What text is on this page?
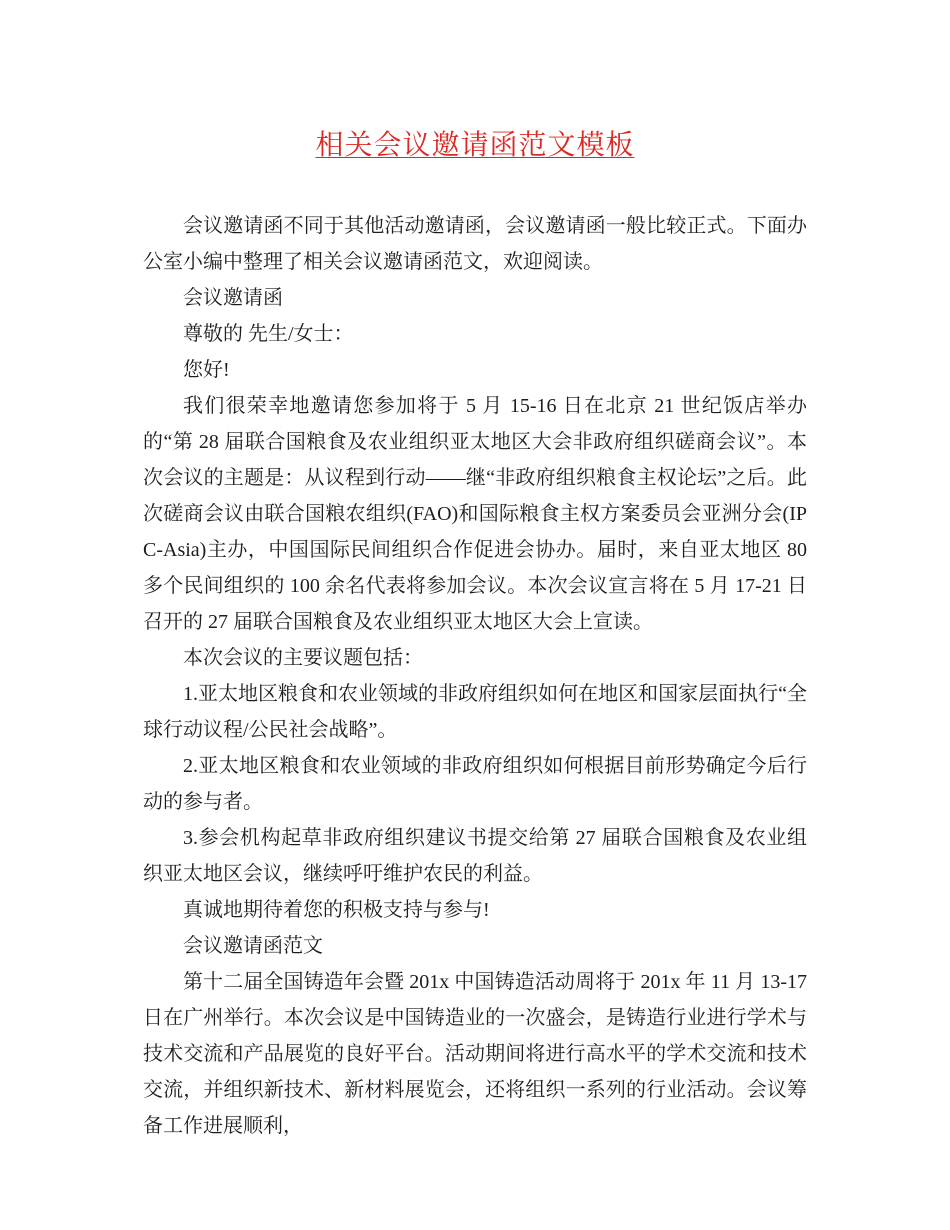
相关会议邀请函范文模板

会议邀请函不同于其他活动邀请函，会议邀请函一般比较正式。下面办公室小编中整理了相关会议邀请函范文，欢迎阅读。

会议邀请函

尊敬的 先生/女士：

您好!

我们很荣幸地邀请您参加将于 5 月 15-16 日在北京 21 世纪饭店举办的“第 28 届联合国粮食及农业组织亚太地区大会非政府组织磋商会议”。本次会议的主题是：从议程到行动——继“非政府组织粮食主权论坛”之后。此次磋商会议由联合国粮农组织(FAO)和国际粮食主权方案委员会亚洲分会(IPC-Asia)主办，中国国际民间组织合作促进会协办。届时，来自亚太地区 80 多个民间组织的 100 余名代表将参加会议。本次会议宣言将在 5 月 17-21 日召开的 27 届联合国粮食及农业组织亚太地区大会上宣读。

本次会议的主要议题包括：

1.亚太地区粮食和农业领域的非政府组织如何在地区和国家层面执行“全球行动议程/公民社会战略”。

2.亚太地区粮食和农业领域的非政府组织如何根据目前形势确定今后行动的参与者。

3.参会机构起草非政府组织建议书提交给第 27 届联合国粮食及农业组织亚太地区会议，继续呼吁维护农民的利益。

真诚地期待着您的积极支持与参与!

会议邀请函范文

第十二届全国铸造年会暨 201x 中国铸造活动周将于 201x 年 11 月 13-17 日在广州举行。本次会议是中国铸造业的一次盛会，是铸造行业进行学术与技术交流和产品展览的良好平台。活动期间将进行高水平的学术交流和技术交流，并组织新技术、新材料展览会，还将组织一系列的行业活动。会议筹备工作进展顺利，
